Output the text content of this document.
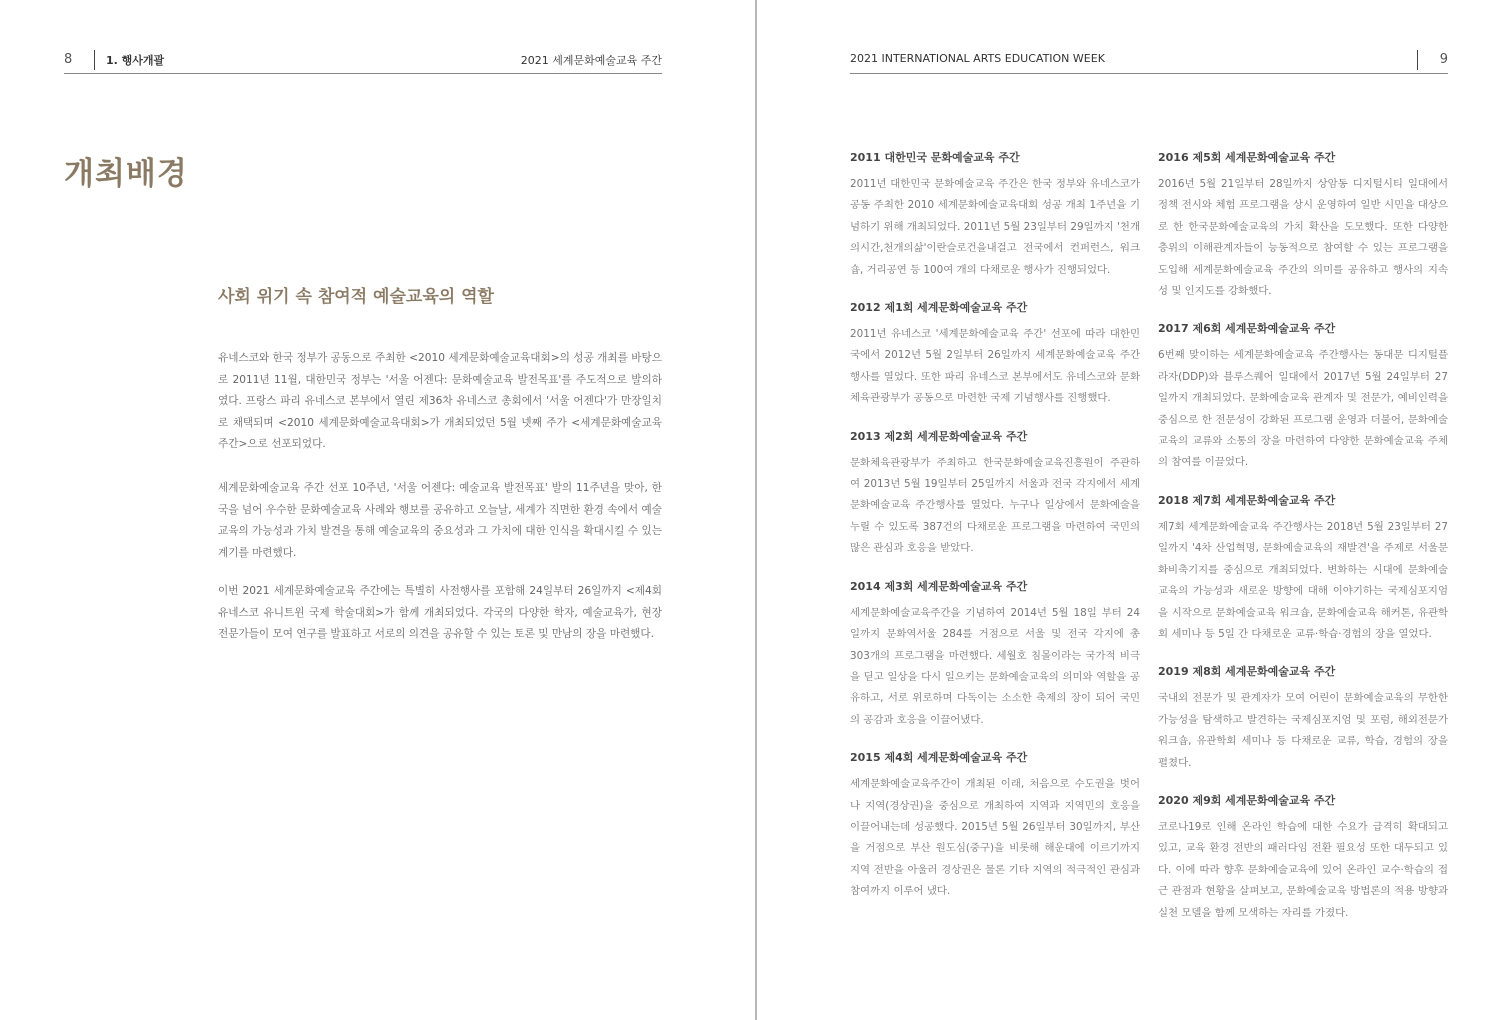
8	1. 행사개괄	2021 세계문화예술교육 주간
개최배경
사회 위기 속 참여적 예술교육의 역할

유네스코와 한국 정부가 공동으로 주최한 <2010 세계문화예술교육대회>의 성공 개최를 바탕으로 2011년 11월, 대한민국 정부는 '서울 어젠다: 문화예술교육 발전목표'를 주도적으로 발의하였다. 프랑스 파리 유네스코 본부에서 열린 제36차 유네스코 총회에서 '서울 어젠다'가 만장일치로 채택되며 <2010 세계문화예술교육대회>가 개최되었던 5월 넷째 주가 <세계문화예술교육 주간>으로 선포되었다.

세계문화예술교육 주간 선포 10주년, '서울 어젠다: 예술교육 발전목표' 발의 11주년을 맞아, 한국을 넘어 우수한 문화예술교육 사례와 행보를 공유하고 오늘날, 세계가 직면한 환경 속에서 예술교육의 가능성과 가치 발견을 통해 예술교육의 중요성과 그 가치에 대한 인식을 확대시킬 수 있는 계기를 마련했다.

이번 2021 세계문화예술교육 주간에는 특별히 사전행사를 포함해 24일부터 26일까지 <제4회 유네스코 유니트윈 국제 학술대회>가 함께 개최되었다. 각국의 다양한 학자, 예술교육가, 현장 전문가들이 모여 연구를 발표하고 서로의 의견을 공유할 수 있는 토론 및 만남의 장을 마련했다.

2021 INTERNATIONAL ARTS EDUCATION WEEK	9
2011 대한민국 문화예술교육 주간
2011년 대한민국 문화예술교육 주간은 한국 정부와 유네스코가 공동 주최한 2010 세계문화예술교육대회 성공 개최 1주년을 기념하기 위해 개최되었다. 2011년 5월 23일부터 29일까지 '천개의시간,천개의삶'이란슬로건을내걸고 전국에서 컨퍼런스, 워크숍, 거리공연 등 100여 개의 다채로운 행사가 진행되었다.
2012 제1회 세계문화예술교육 주간
2011년 유네스코 '세계문화예술교육 주간' 선포에 따라 대한민국에서 2012년 5월 2일부터 26일까지 세계문화예술교육 주간 행사를 열었다. 또한 파리 유네스코 본부에서도 유네스코와 문화체육관광부가 공동으로 마련한 국제 기념행사를 진행했다.
2013 제2회 세계문화예술교육 주간
문화체육관광부가 주최하고 한국문화예술교육진흥원이 주관하여 2013년 5월 19일부터 25일까지 서울과 전국 각지에서 세계문화예술교육 주간행사를 열었다. 누구나 일상에서 문화예술을 누릴 수 있도록 387건의 다채로운 프로그램을 마련하여 국민의 많은 관심과 호응을 받았다.
2014 제3회 세계문화예술교육 주간
세계문화예술교육주간을 기념하여 2014년 5월 18일 부터 24일까지 문화역서울 284를 거점으로 서울 및 전국 각지에 총 303개의 프로그램을 마련했다. 세월호 침몰이라는 국가적 비극을 딛고 일상을 다시 일으키는 문화예술교육의 의미와 역할을 공유하고, 서로 위로하며 다독이는 소소한 축제의 장이 되어 국민의 공감과 호응을 이끌어냈다.
2015 제4회 세계문화예술교육 주간
세계문화예술교육주간이 개최된 이래, 처음으로 수도권을 벗어나 지역(경상권)을 중심으로 개최하여 지역과 지역민의 호응을 이끌어내는데 성공했다. 2015년 5월 26일부터 30일까지, 부산을 거점으로 부산 원도심(중구)을 비롯해 해운대에 이르기까지 지역 전반을 아울러 경상권은 물론 기타 지역의 적극적인 관심과 참여까지 이루어 냈다.
2016 제5회 세계문화예술교육 주간
2016년 5월 21일부터 28일까지 상암동 디지털시티 일대에서 정책 전시와 체험 프로그램을 상시 운영하여 일반 시민을 대상으로 한 한국문화예술교육의 가치 확산을 도모했다. 또한 다양한 층위의 이해관계자들이 능동적으로 참여할 수 있는 프로그램을 도입해 세계문화예술교육 주간의 의미를 공유하고 행사의 지속성 및 인지도를 강화했다.
2017 제6회 세계문화예술교육 주간
6번째 맞이하는 세계문화예술교육 주간행사는 동대문 디지털플라자(DDP)와 블루스퀘어 일대에서 2017년 5월 24일부터 27일까지 개최되었다. 문화예술교육 관계자 및 전문가, 예비인력을 중심으로 한 전문성이 강화된 프로그램 운영과 더불어, 문화예술교육의 교류와 소통의 장을 마련하여 다양한 문화예술교육 주체의 참여를 이끌었다.
2018 제7회 세계문화예술교육 주간
제7회 세계문화예술교육 주간행사는 2018년 5월 23일부터 27일까지 '4차 산업혁명, 문화예술교육의 재발견'을 주제로 서울문화비축기지를 중심으로 개최되었다. 변화하는 시대에 문화예술교육의 가능성과 새로운 방향에 대해 이야기하는 국제심포지엄을 시작으로 문화예술교육 워크숍, 문화예술교육 해커톤, 유관학회 세미나 등 5일 간 다채로운 교류·학습·경험의 장을 열었다.
2019 제8회 세계문화예술교육 주간
국내외 전문가 및 관계자가 모여 어린이 문화예술교육의 무한한 가능성을 탐색하고 발견하는 국제심포지엄 및 포럼, 해외전문가 워크숍, 유관학회 세미나 등 다채로운 교류, 학습, 경험의 장을 펼쳤다.
2020 제9회 세계문화예술교육 주간
코로나19로 인해 온라인 학습에 대한 수요가 급격히 확대되고 있고, 교육 환경 전반의 패러다임 전환 필요성 또한 대두되고 있다. 이에 따라 향후 문화예술교육에 있어 온라인 교수·학습의 접근 관점과 현황을 살펴보고, 문화예술교육 방법론의 적용 방향과 실천 모델을 함께 모색하는 자리를 가졌다.
